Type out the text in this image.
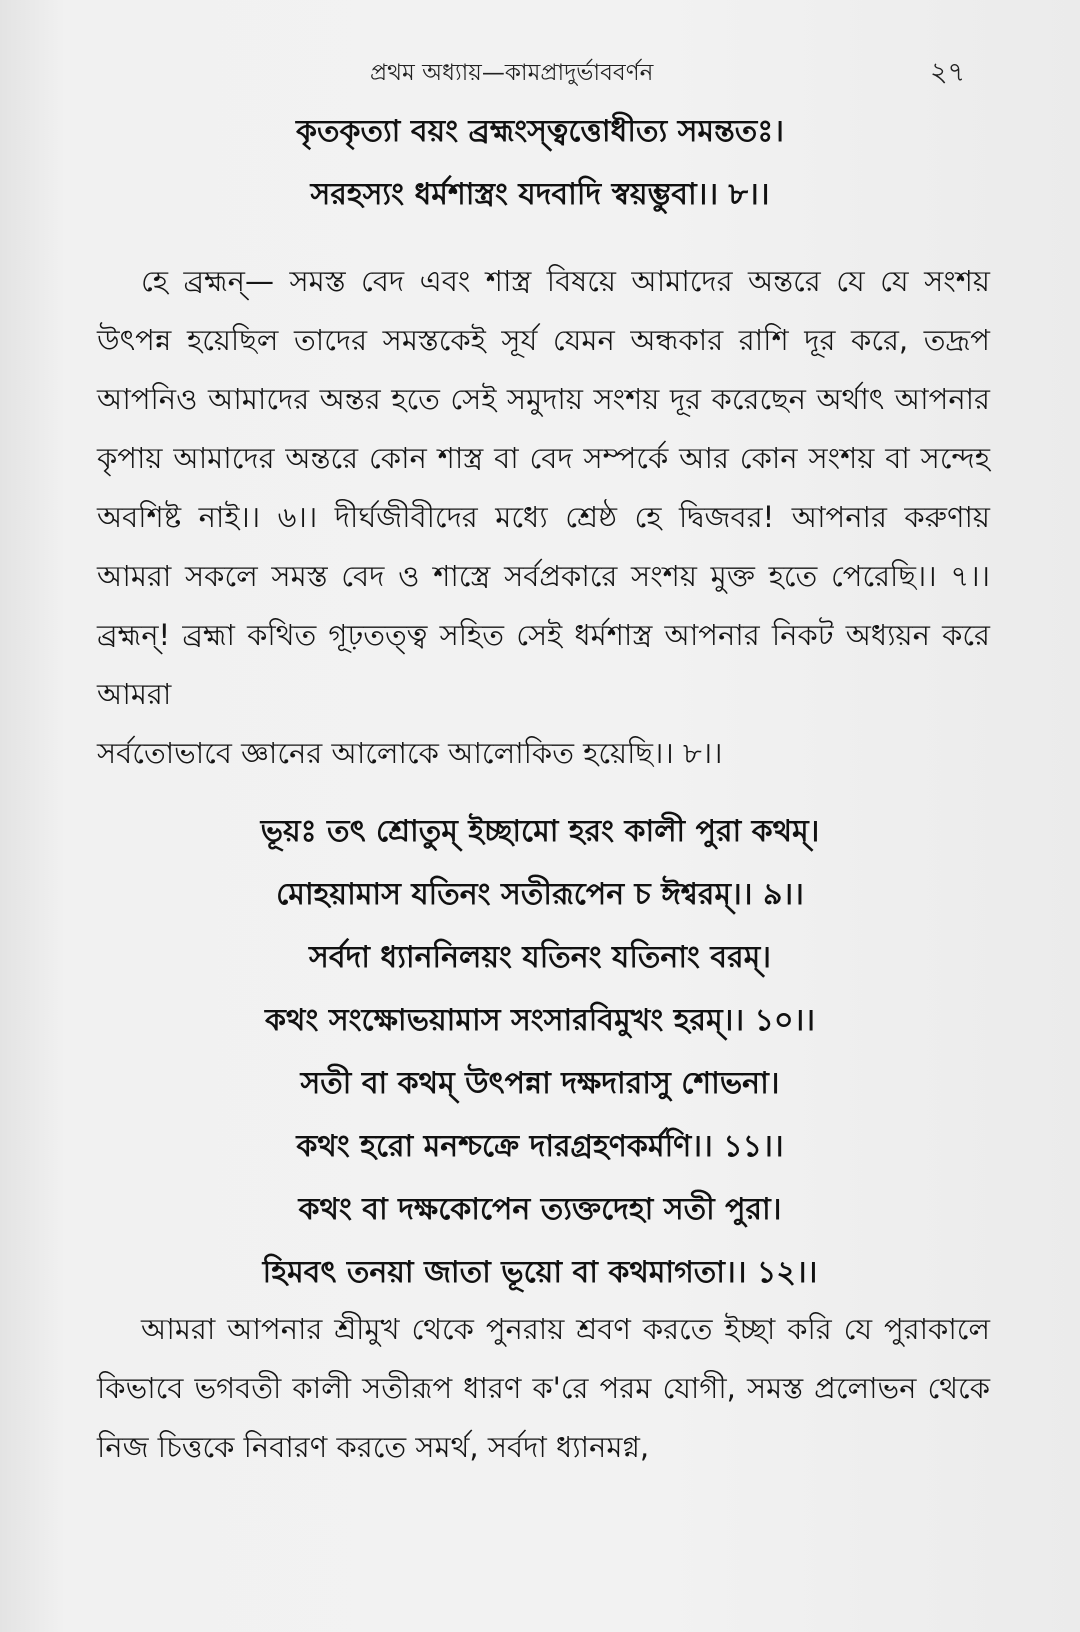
প্রথম অধ্যায়—কামপ্রাদুর্ভাববর্ণন	২৭
কৃতকৃত্যা বয়ং ব্রহ্মংস্ত্বত্তোধীত্য সমন্ততঃ।
সরহস্যং ধর্মশাস্ত্রং যদবাদি স্বয়ম্ভুবা।। ৮।।
হে ব্রহ্মন্— সমস্ত বেদ এবং শাস্ত্র বিষয়ে আমাদের অন্তরে যে যে সংশয় উৎপন্ন হয়েছিল তাদের সমস্তকেই সূর্য যেমন অন্ধকার রাশি দূর করে, তদ্রূপ আপনিও আমাদের অন্তর হতে সেই সমুদায় সংশয় দূর করেছেন অর্থাৎ আপনার কৃপায় আমাদের অন্তরে কোন শাস্ত্র বা বেদ সম্পর্কে আর কোন সংশয় বা সন্দেহ অবশিষ্ট নাই।। ৬।। দীর্ঘজীবীদের মধ্যে শ্রেষ্ঠ হে দ্বিজবর! আপনার করুণায় আমরা সকলে সমস্ত বেদ ও শাস্ত্রে সর্বপ্রকারে সংশয় মুক্ত হতে পেরেছি।। ৭।। ব্রহ্মন্! ব্রহ্মা কথিত গূঢ়তত্ত্ব সহিত সেই ধর্মশাস্ত্র আপনার নিকট অধ্যয়ন করে আমরা
সর্বতোভাবে জ্ঞানের আলোকে আলোকিত হয়েছি।। ৮।।
ভূয়ঃ তৎ শ্রোতুম্ ইচ্ছামো হরং কালী পুরা কথম্।
মোহয়ামাস যতিনং সতীরূপেন চ ঈশ্বরম্।। ৯।।
সর্বদা ধ্যাননিলয়ং যতিনং যতিনাং বরম্।
কথং সংক্ষোভয়ামাস সংসারবিমুখং হরম্।। ১০।।
সতী বা কথম্ উৎপন্না দক্ষদারাসু শোভনা।
কথং হরো মনশ্চক্রে দারগ্রহণকর্মণি।। ১১।।
কথং বা দক্ষকোপেন ত্যক্তদেহা সতী পুরা।
হিমবৎ তনয়া জাতা ভূয়ো বা কথমাগতা।। ১২।।
আমরা আপনার শ্রীমুখ থেকে পুনরায় শ্রবণ করতে ইচ্ছা করি যে পুরাকালে কিভাবে ভগবতী কালী সতীরূপ ধারণ ক'রে পরম যোগী, সমস্ত প্রলোভন থেকে নিজ চিত্তকে নিবারণ করতে সমর্থ, সর্বদা ধ্যানমগ্ন,
